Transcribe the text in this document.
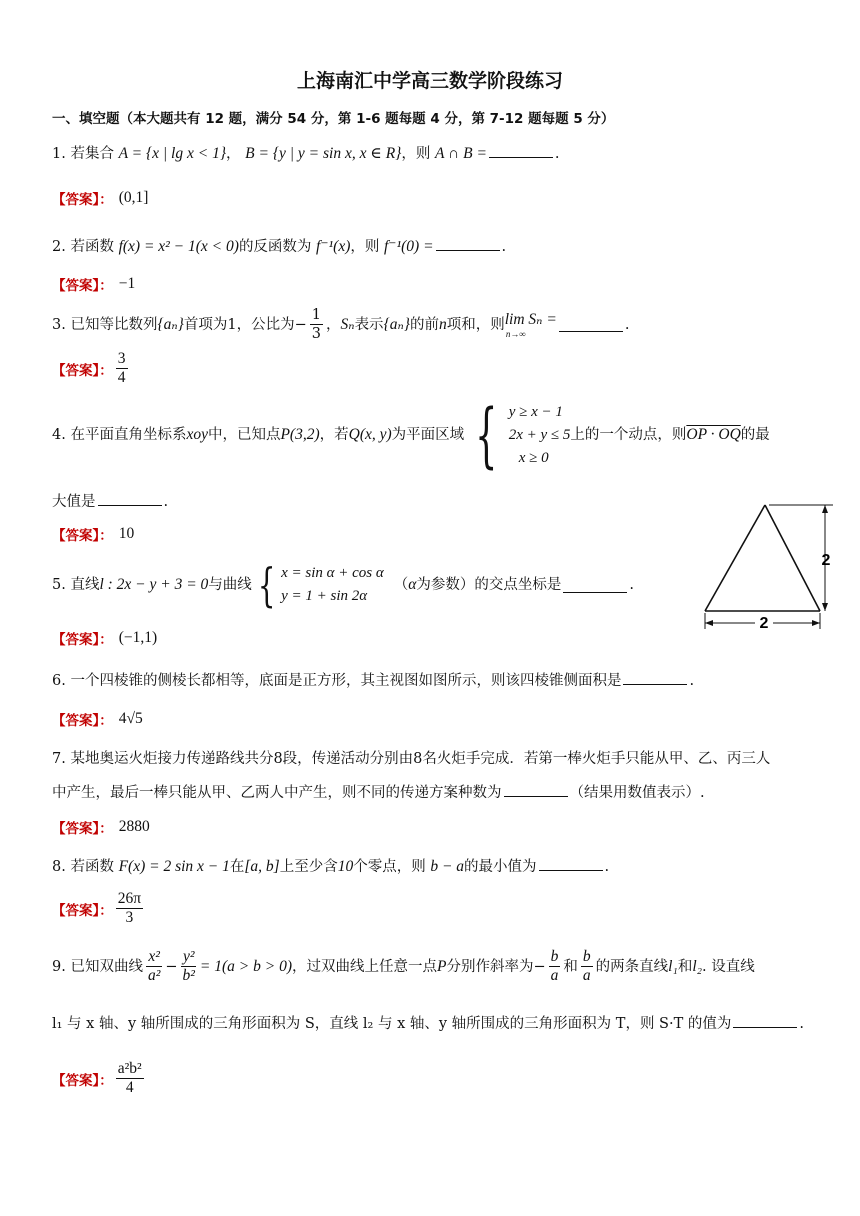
上海南汇中学高三数学阶段练习
一、填空题（本大题共有 12 题，满分 54 分，第 1-6 题每题 4 分，第 7-12 题每题 5 分）
1. 若集合 A = {x | lg x < 1}， B = {y | y = sin x, x ∈ R}，则 A ∩ B =	.
【答案】： (0,1]
2. 若函数 f(x) = x² − 1(x < 0)的反函数为 f⁻¹(x)，则 f⁻¹(0) =	.
【答案】： −1
3. 已知等比数列 {aₙ} 首项为1，公比为 − $\frac{1}{3}$ ， Sₙ 表示 {aₙ} 的前 n 项和，则 lim Sₙ =
n→∞
.
【答案】： $\frac{3}{4}$
4. 在平面直角坐标系 xoy 中，已知点 P(3,2) ，若 Q(x, y) 为平面区域 { y ≥ x − 1
2x + y ≤ 5
x ≥ 0
上的一个动点，则 OP · OQ 的最
大值是	.
【答案】： 10
5. 直线 l : 2x − y + 3 = 0 与曲线 { x = sin α + cos α
y = 1 + sin 2α
（ α 为参数）的交点坐标是	.
【答案】： (−1,1)
2
2
6. 一个四棱锥的侧棱长都相等，底面是正方形，其主视图如图所示，则该四棱锥侧面积是	.
【答案】： 4√5
7. 某地奥运火炬接力传递路线共分8段，传递活动分别由8名火炬手完成．若第一棒火炬手只能从甲、乙、丙三人
中产生，最后一棒只能从甲、乙两人中产生，则不同的传递方案种数为	（结果用数值表示）.
【答案】： 2880
8. 若函数 F(x) = 2 sin x − 1在[a, b]上至少含10个零点，则 b − a的最小值为	.
【答案】： $\frac{26\pi}{3}$
9. 已知双曲线 $\frac{\text{x²}}{\text{a²}} - \frac{\text{y²}}{\text{b²}} = 1(a > b > 0)$ ，过双曲线上任意一点 P 分别作斜率为 − $\frac{b}{a}$ 和 $\frac{b}{a}$ 的两条直线 l₁ 和 l₂ . 设直线
l₁ 与 x 轴、y 轴所围成的三角形面积为 S，直线 l₂ 与 x 轴、y 轴所围成的三角形面积为 T，则 S·T 的值为	.
【答案】： $\frac{\text{a²b²}}{4}$
